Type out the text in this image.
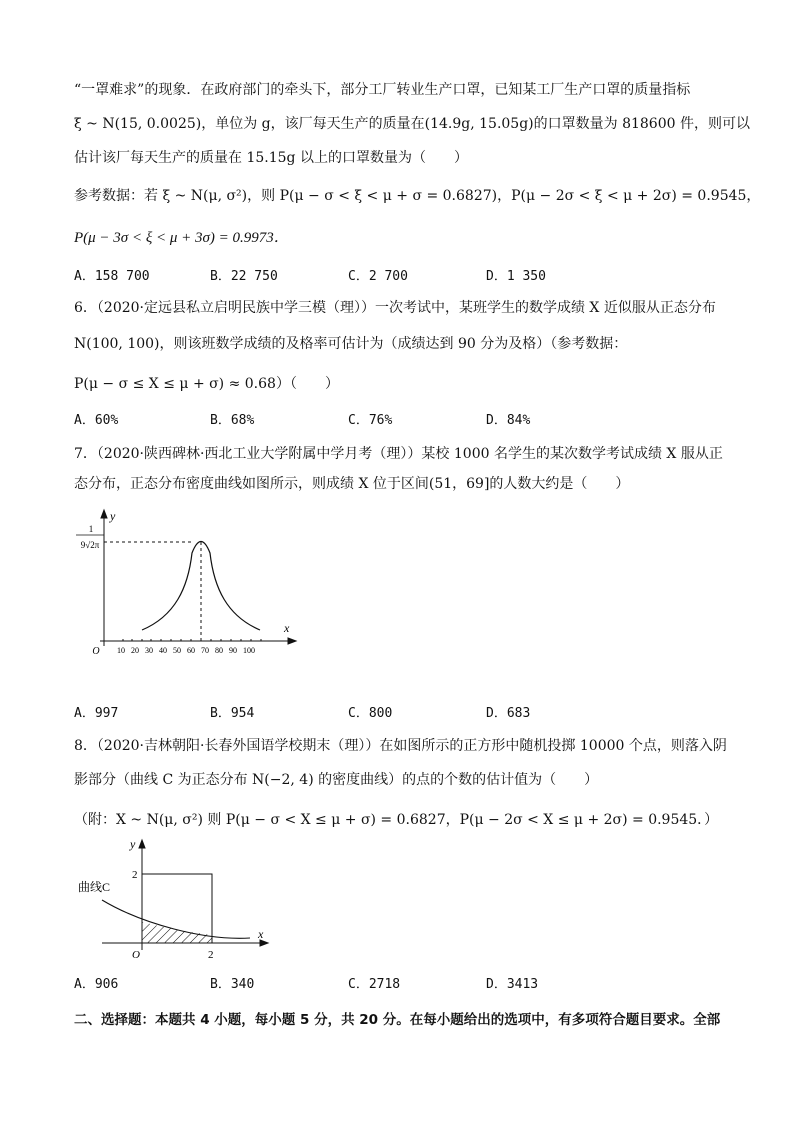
“一罩难求”的现象．在政府部门的牵头下，部分工厂转业生产口罩，已知某工厂生产口罩的质量指标
ξ ~ N(15, 0.0025)，单位为 g，该厂每天生产的质量在(14.9g, 15.05g)的口罩数量为 818600 件，则可以
估计该厂每天生产的质量在 15.15g 以上的口罩数量为（　　）
参考数据：若 ξ ~ N(μ, σ²)，则 P(μ − σ < ξ < μ + σ = 0.6827)，P(μ − 2σ < ξ < μ + 2σ) = 0.9545，
P(μ − 3σ < ξ < μ + 3σ) = 0.9973．
A．158 700	B．22 750	C．2 700	D．1 350
6．（2020·定远县私立启明民族中学三模（理））一次考试中，某班学生的数学成绩 X 近似服从正态分布
N(100, 100)，则该班数学成绩的及格率可估计为（成绩达到 90 分为及格）（参考数据：
P(μ − σ ≤ X ≤ μ + σ) ≈ 0.68）（　　）
A．60%	B．68%	C．76%	D．84%
7．（2020·陕西碑林·西北工业大学附属中学月考（理））某校 1000 名学生的某次数学考试成绩 X 服从正
态分布，正态分布密度曲线如图所示，则成绩 X 位于区间(51，69]的人数大约是（　　）
y
x
1
9√2π
O 10 20 30 40 50 60 70 80 90 100
A．997	B．954	C．800	D．683
8．（2020·吉林朝阳·长春外国语学校期末（理））在如图所示的正方形中随机投掷 10000 个点，则落入阴
影部分（曲线 C 为正态分布 N(−2, 4) 的密度曲线）的点的个数的估计值为（　　）
（附：X ~ N(μ, σ²) 则 P(μ − σ < X ≤ μ + σ) = 0.6827，P(μ − 2σ < X ≤ μ + 2σ) = 0.9545．）
y
x
曲线C
2
2
O
A．906	B．340	C．2718	D．3413
二、选择题：本题共 4 小题，每小题 5 分，共 20 分。在每小题给出的选项中，有多项符合题目要求。全部
